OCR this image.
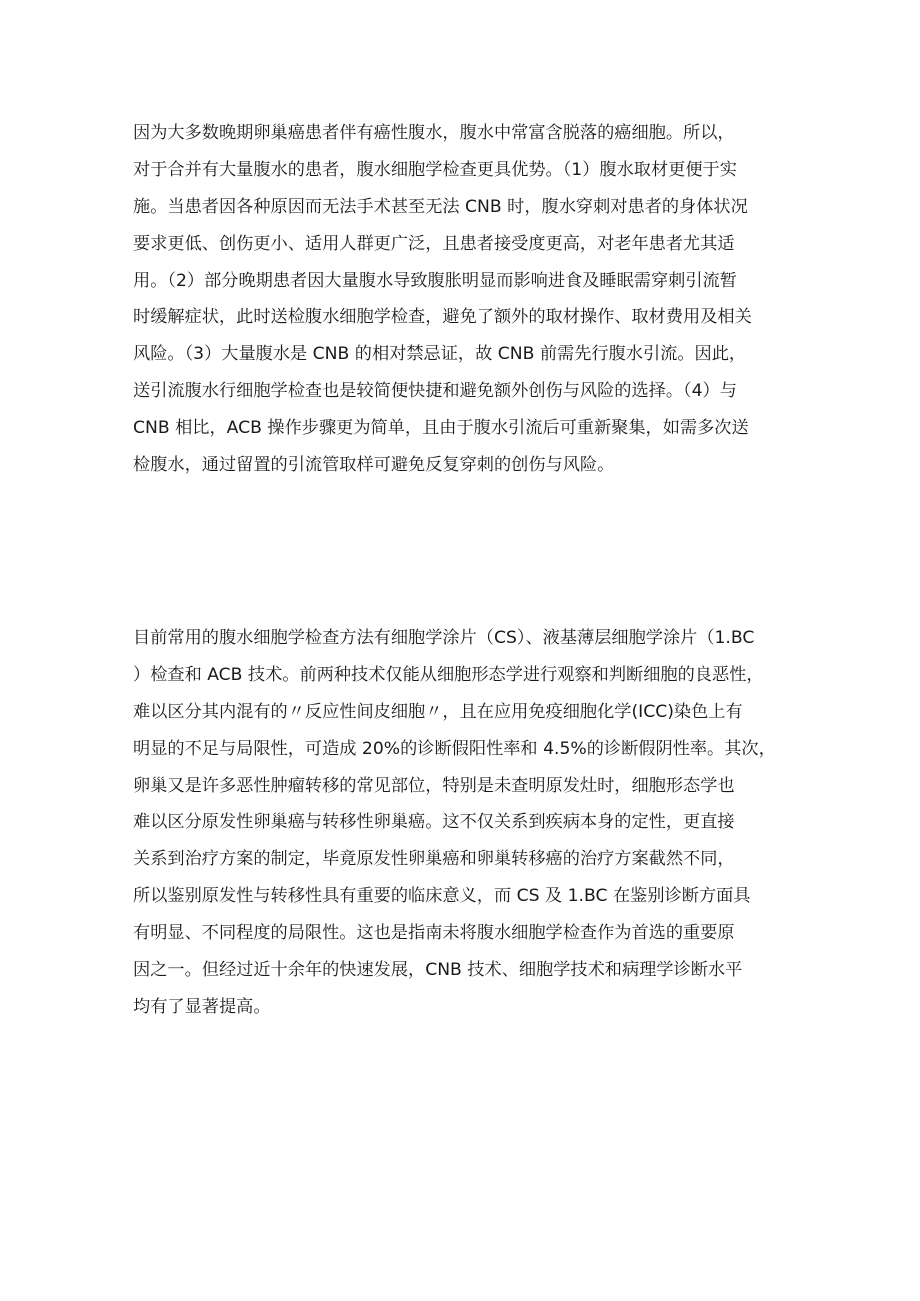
因为大多数晚期卵巢癌患者伴有癌性腹水，腹水中常富含脱落的癌细胞。所以，
对于合并有大量腹水的患者，腹水细胞学检查更具优势。（1）腹水取材更便于实
施。当患者因各种原因而无法手术甚至无法 CNB 时，腹水穿刺对患者的身体状况
要求更低、创伤更小、适用人群更广泛，且患者接受度更高，对老年患者尤其适
用。（2）部分晚期患者因大量腹水导致腹胀明显而影响进食及睡眠需穿刺引流暂
时缓解症状，此时送检腹水细胞学检查，避免了额外的取材操作、取材费用及相关
风险。（3）大量腹水是 CNB 的相对禁忌证，故 CNB 前需先行腹水引流。因此，
送引流腹水行细胞学检查也是较简便快捷和避免额外创伤与风险的选择。（4）与
CNB 相比，ACB 操作步骤更为简单，且由于腹水引流后可重新聚集，如需多次送
检腹水，通过留置的引流管取样可避免反复穿刺的创伤与风险。
目前常用的腹水细胞学检查方法有细胞学涂片（CS）、液基薄层细胞学涂片（1.BC
）检查和 ACB 技术。前两种技术仅能从细胞形态学进行观察和判断细胞的良恶性，
难以区分其内混有的〃反应性间皮细胞〃，且在应用免疫细胞化学(ICC)染色上有
明显的不足与局限性，可造成 20%的诊断假阳性率和 4.5%的诊断假阴性率。其次，
卵巢又是许多恶性肿瘤转移的常见部位，特别是未查明原发灶时，细胞形态学也
难以区分原发性卵巢癌与转移性卵巢癌。这不仅关系到疾病本身的定性，更直接
关系到治疗方案的制定，毕竟原发性卵巢癌和卵巢转移癌的治疗方案截然不同，
所以鉴别原发性与转移性具有重要的临床意义，而 CS 及 1.BC 在鉴别诊断方面具
有明显、不同程度的局限性。这也是指南未将腹水细胞学检查作为首选的重要原
因之一。但经过近十余年的快速发展，CNB 技术、细胞学技术和病理学诊断水平
均有了显著提高。
